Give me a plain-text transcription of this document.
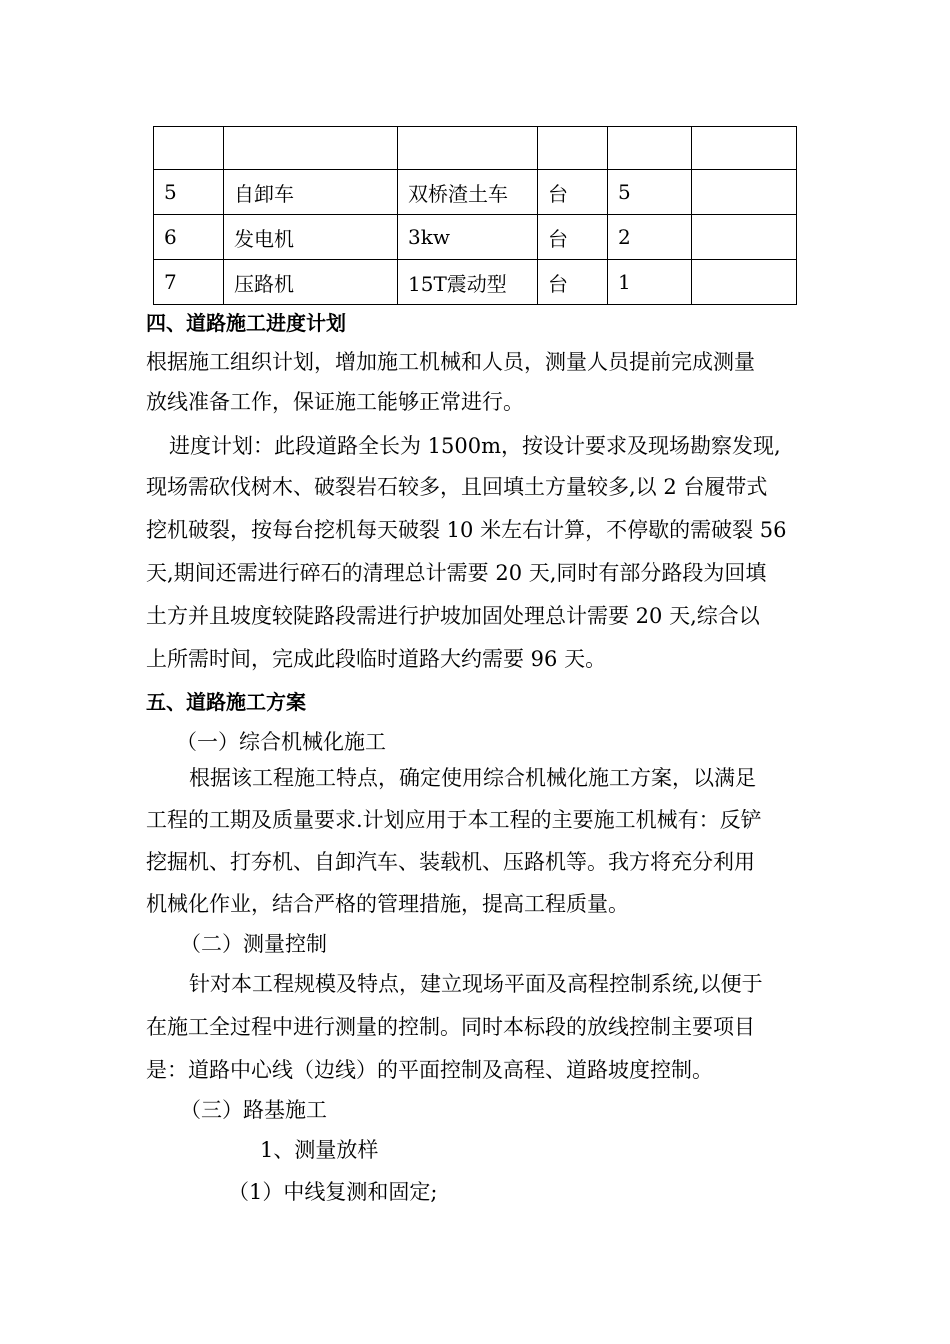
5	自卸车	双桥渣土车	台	5	
6	发电机	3kw	台	2	
7	压路机	15T震动型	台	1	
四、道路施工进度计划
根据施工组织计划，增加施工机械和人员，测量人员提前完成测量
放线准备工作，保证施工能够正常进行。
进度计划：此段道路全长为 1500m，按设计要求及现场勘察发现,
现场需砍伐树木、破裂岩石较多，且回填土方量较多,以 2 台履带式
挖机破裂，按每台挖机每天破裂 10 米左右计算，不停歇的需破裂 56
天,期间还需进行碎石的清理总计需要 20 天,同时有部分路段为回填
土方并且坡度较陡路段需进行护坡加固处理总计需要 20 天,综合以
上所需时间，完成此段临时道路大约需要 96 天。
五、道路施工方案
（一）综合机械化施工
根据该工程施工特点，确定使用综合机械化施工方案，以满足
工程的工期及质量要求.计划应用于本工程的主要施工机械有：反铲
挖掘机、打夯机、自卸汽车、装载机、压路机等。我方将充分利用
机械化作业，结合严格的管理措施，提高工程质量。
（二）测量控制
针对本工程规模及特点，建立现场平面及高程控制系统,以便于
在施工全过程中进行测量的控制。同时本标段的放线控制主要项目
是：道路中心线（边线）的平面控制及高程、道路坡度控制。
（三）路基施工
1、测量放样
（1）中线复测和固定;
